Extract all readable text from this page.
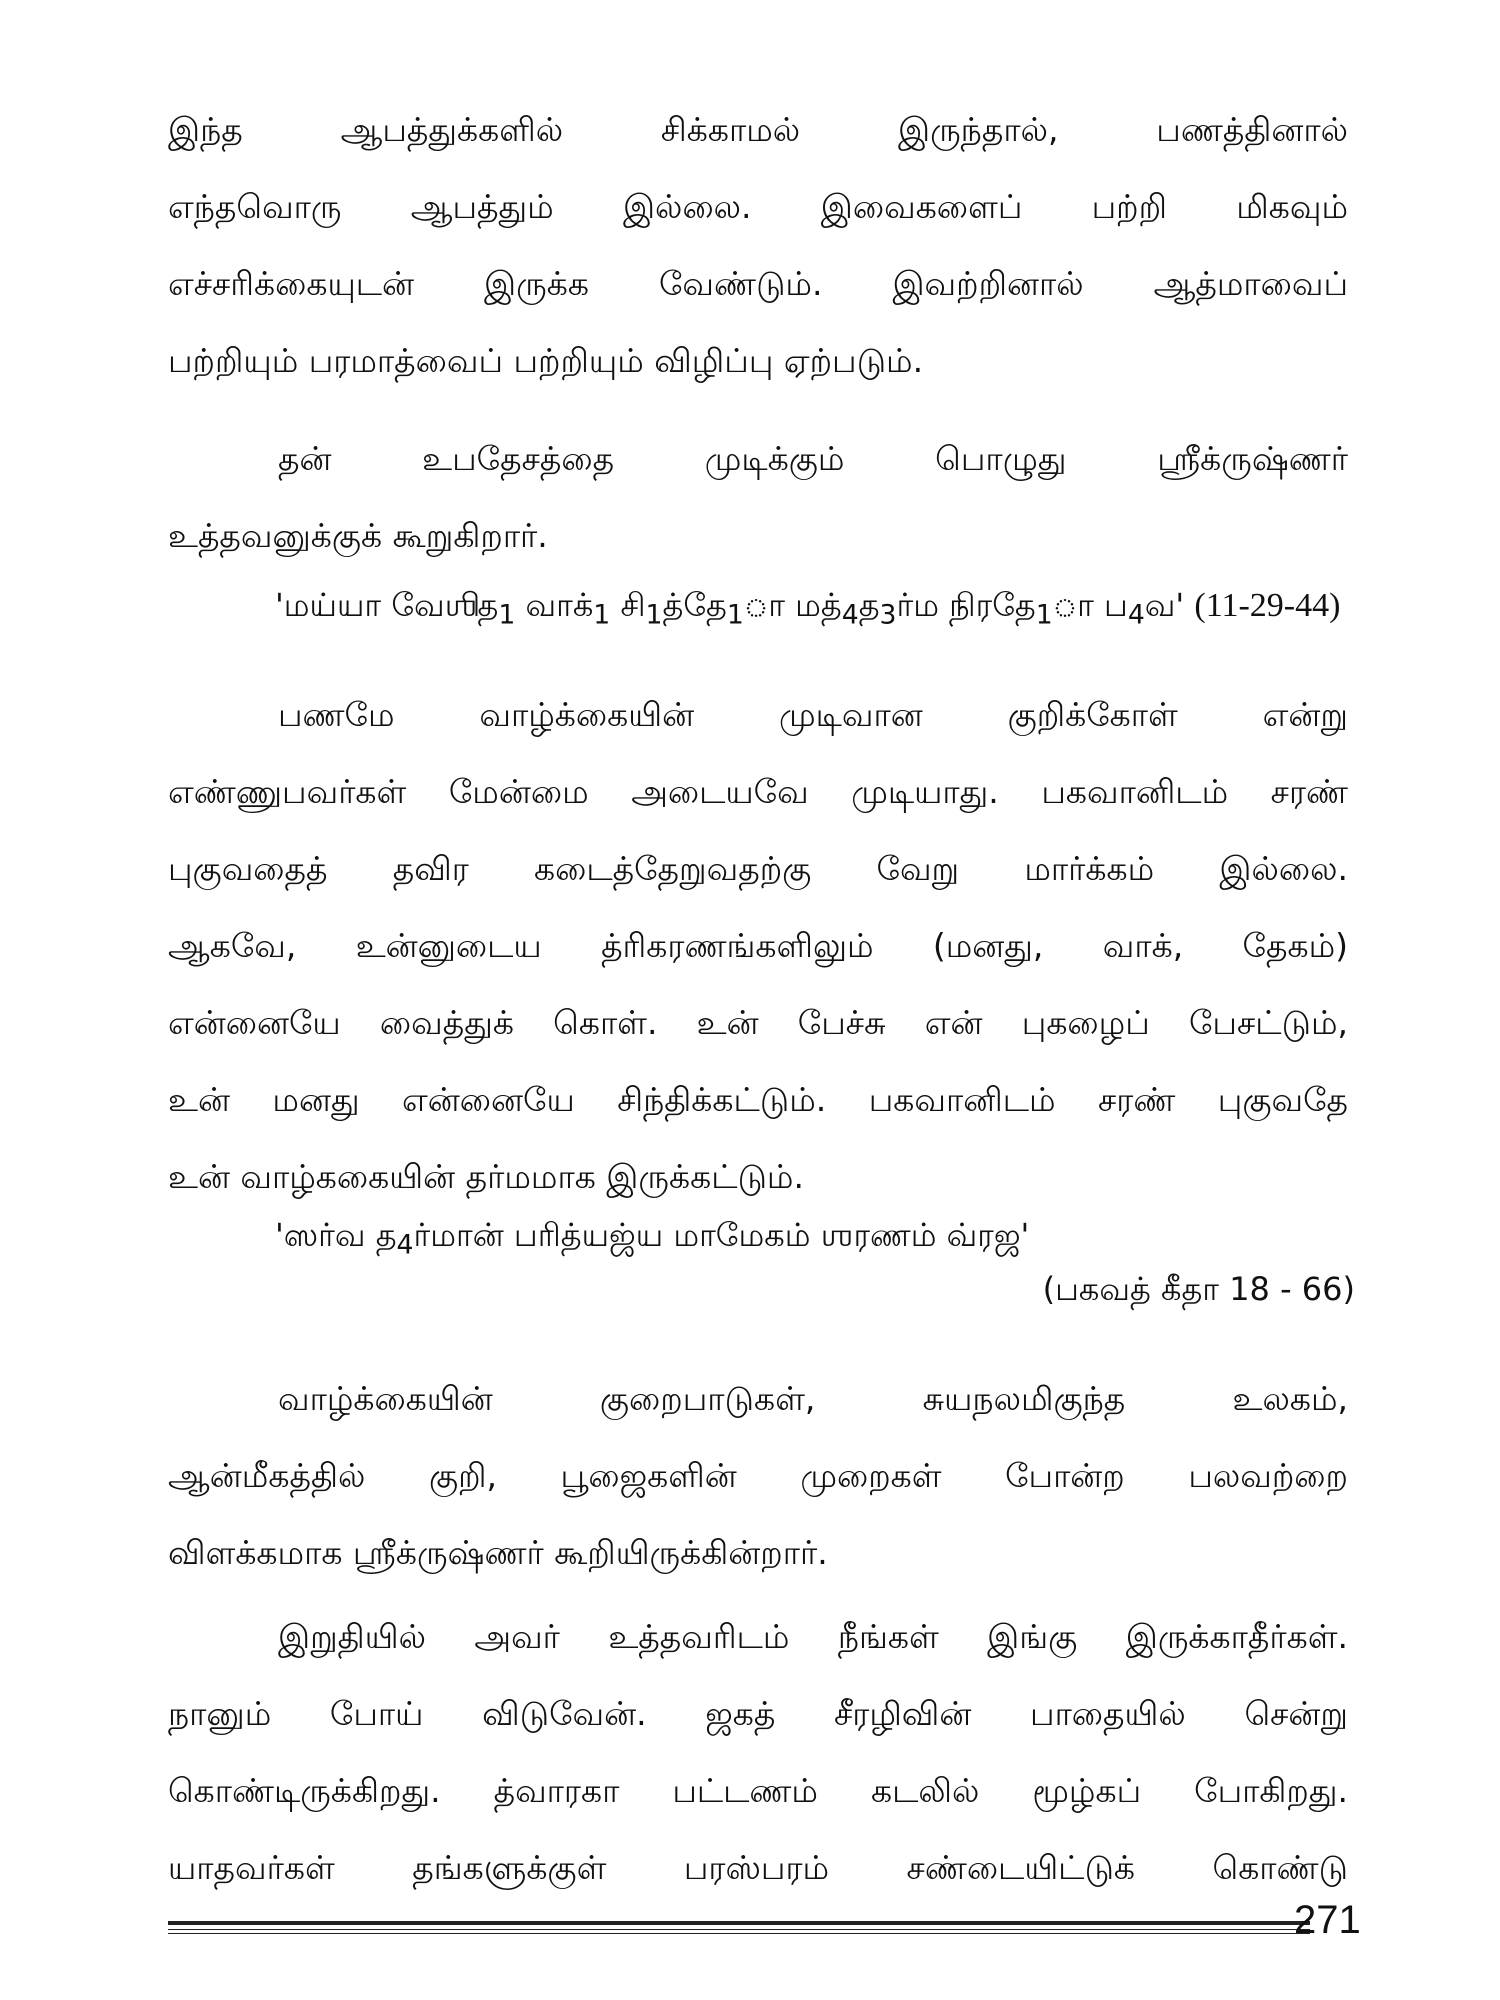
இந்த ஆபத்துக்களில் சிக்காமல் இருந்தால், பணத்தினால்
எந்தவொரு ஆபத்தும் இல்லை. இவைகளைப் பற்றி மிகவும்
எச்சரிக்கையுடன் இருக்க வேண்டும். இவற்றினால் ஆத்மாவைப்
பற்றியும் பரமாத்வைப் பற்றியும் விழிப்பு ஏற்படும்.
தன் உபதேசத்தை முடிக்கும் பொழுது ஸ்ரீக்ருஷ்ணர்
உத்தவனுக்குக் கூறுகிறார்.

'மய்யா வேஶித$_1$ $வாக்_1$ $சி_1த்தே_1ா$ $மத்_4த_3ர்ம$ $நிரதே_1ா$ ப$_4$வ' (11-29-44)

பணமே வாழ்க்கையின் முடிவான குறிக்கோள் என்று
எண்ணுபவர்கள் மேன்மை அடையவே முடியாது. பகவானிடம் சரண்
புகுவதைத் தவிர கடைத்தேறுவதற்கு வேறு மார்க்கம் இல்லை.
ஆகவே, உன்னுடைய த்ரிகரணங்களிலும் (மனது, வாக், தேகம்)
என்னையே வைத்துக் கொள். உன் பேச்சு என் புகழைப் பேசட்டும்,
உன் மனது என்னையே சிந்திக்கட்டும். பகவானிடம் சரண் புகுவதே
உன் வாழ்ககையின் தர்மமாக இருக்கட்டும்.

'ஸர்வ த$_4$ர்மான் பரித்யஜ்ய மாமேகம் ஶரணம் வ்ரஜ'

(பகவத் கீதா 18 - 66)

வாழ்க்கையின் குறைபாடுகள், சுயநலமிகுந்த உலகம்,
ஆன்மீகத்தில் குறி, பூஜைகளின் முறைகள் போன்ற பலவற்றை
விளக்கமாக ஸ்ரீக்ருஷ்ணர் கூறியிருக்கின்றார்.
இறுதியில் அவர் உத்தவரிடம் நீங்கள் இங்கு இருக்காதீர்கள்.
நானும் போய் விடுவேன். ஜகத் சீரழிவின் பாதையில் சென்று
கொண்டிருக்கிறது. த்வாரகா பட்டணம் கடலில் மூழ்கப் போகிறது.
யாதவர்கள் தங்களுக்குள் பரஸ்பரம் சண்டையிட்டுக் கொண்டு
271
